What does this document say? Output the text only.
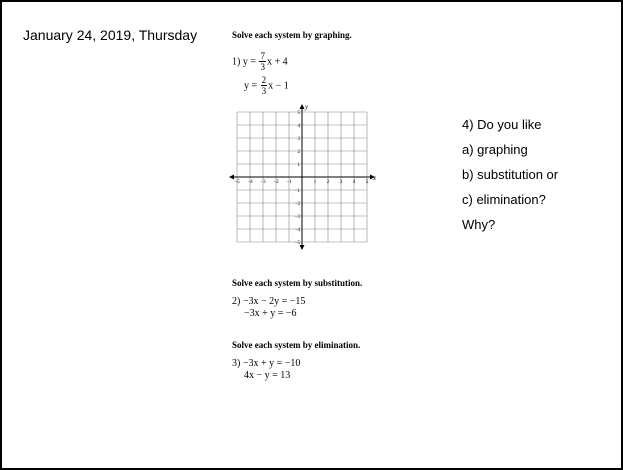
January 24, 2019, Thursday	Solve each system by graphing.
1) $y = \frac{7}{3}$ x + 4
$y = \frac{2}{3}$ x − 1
−5 −4 −3 −2 −1	1 2 3 4 5
5
4
3
2
1
−1
−2
−3
−4
−5
x
y
Solve each system by substitution.
2) −3x − 2y = −15
−3x + y = −6
Solve each system by elimination.
3) −3x + y = −10
4x − y = 13
4) Do you like
a) graphing
b) substitution or
c) elimination?
Why?
